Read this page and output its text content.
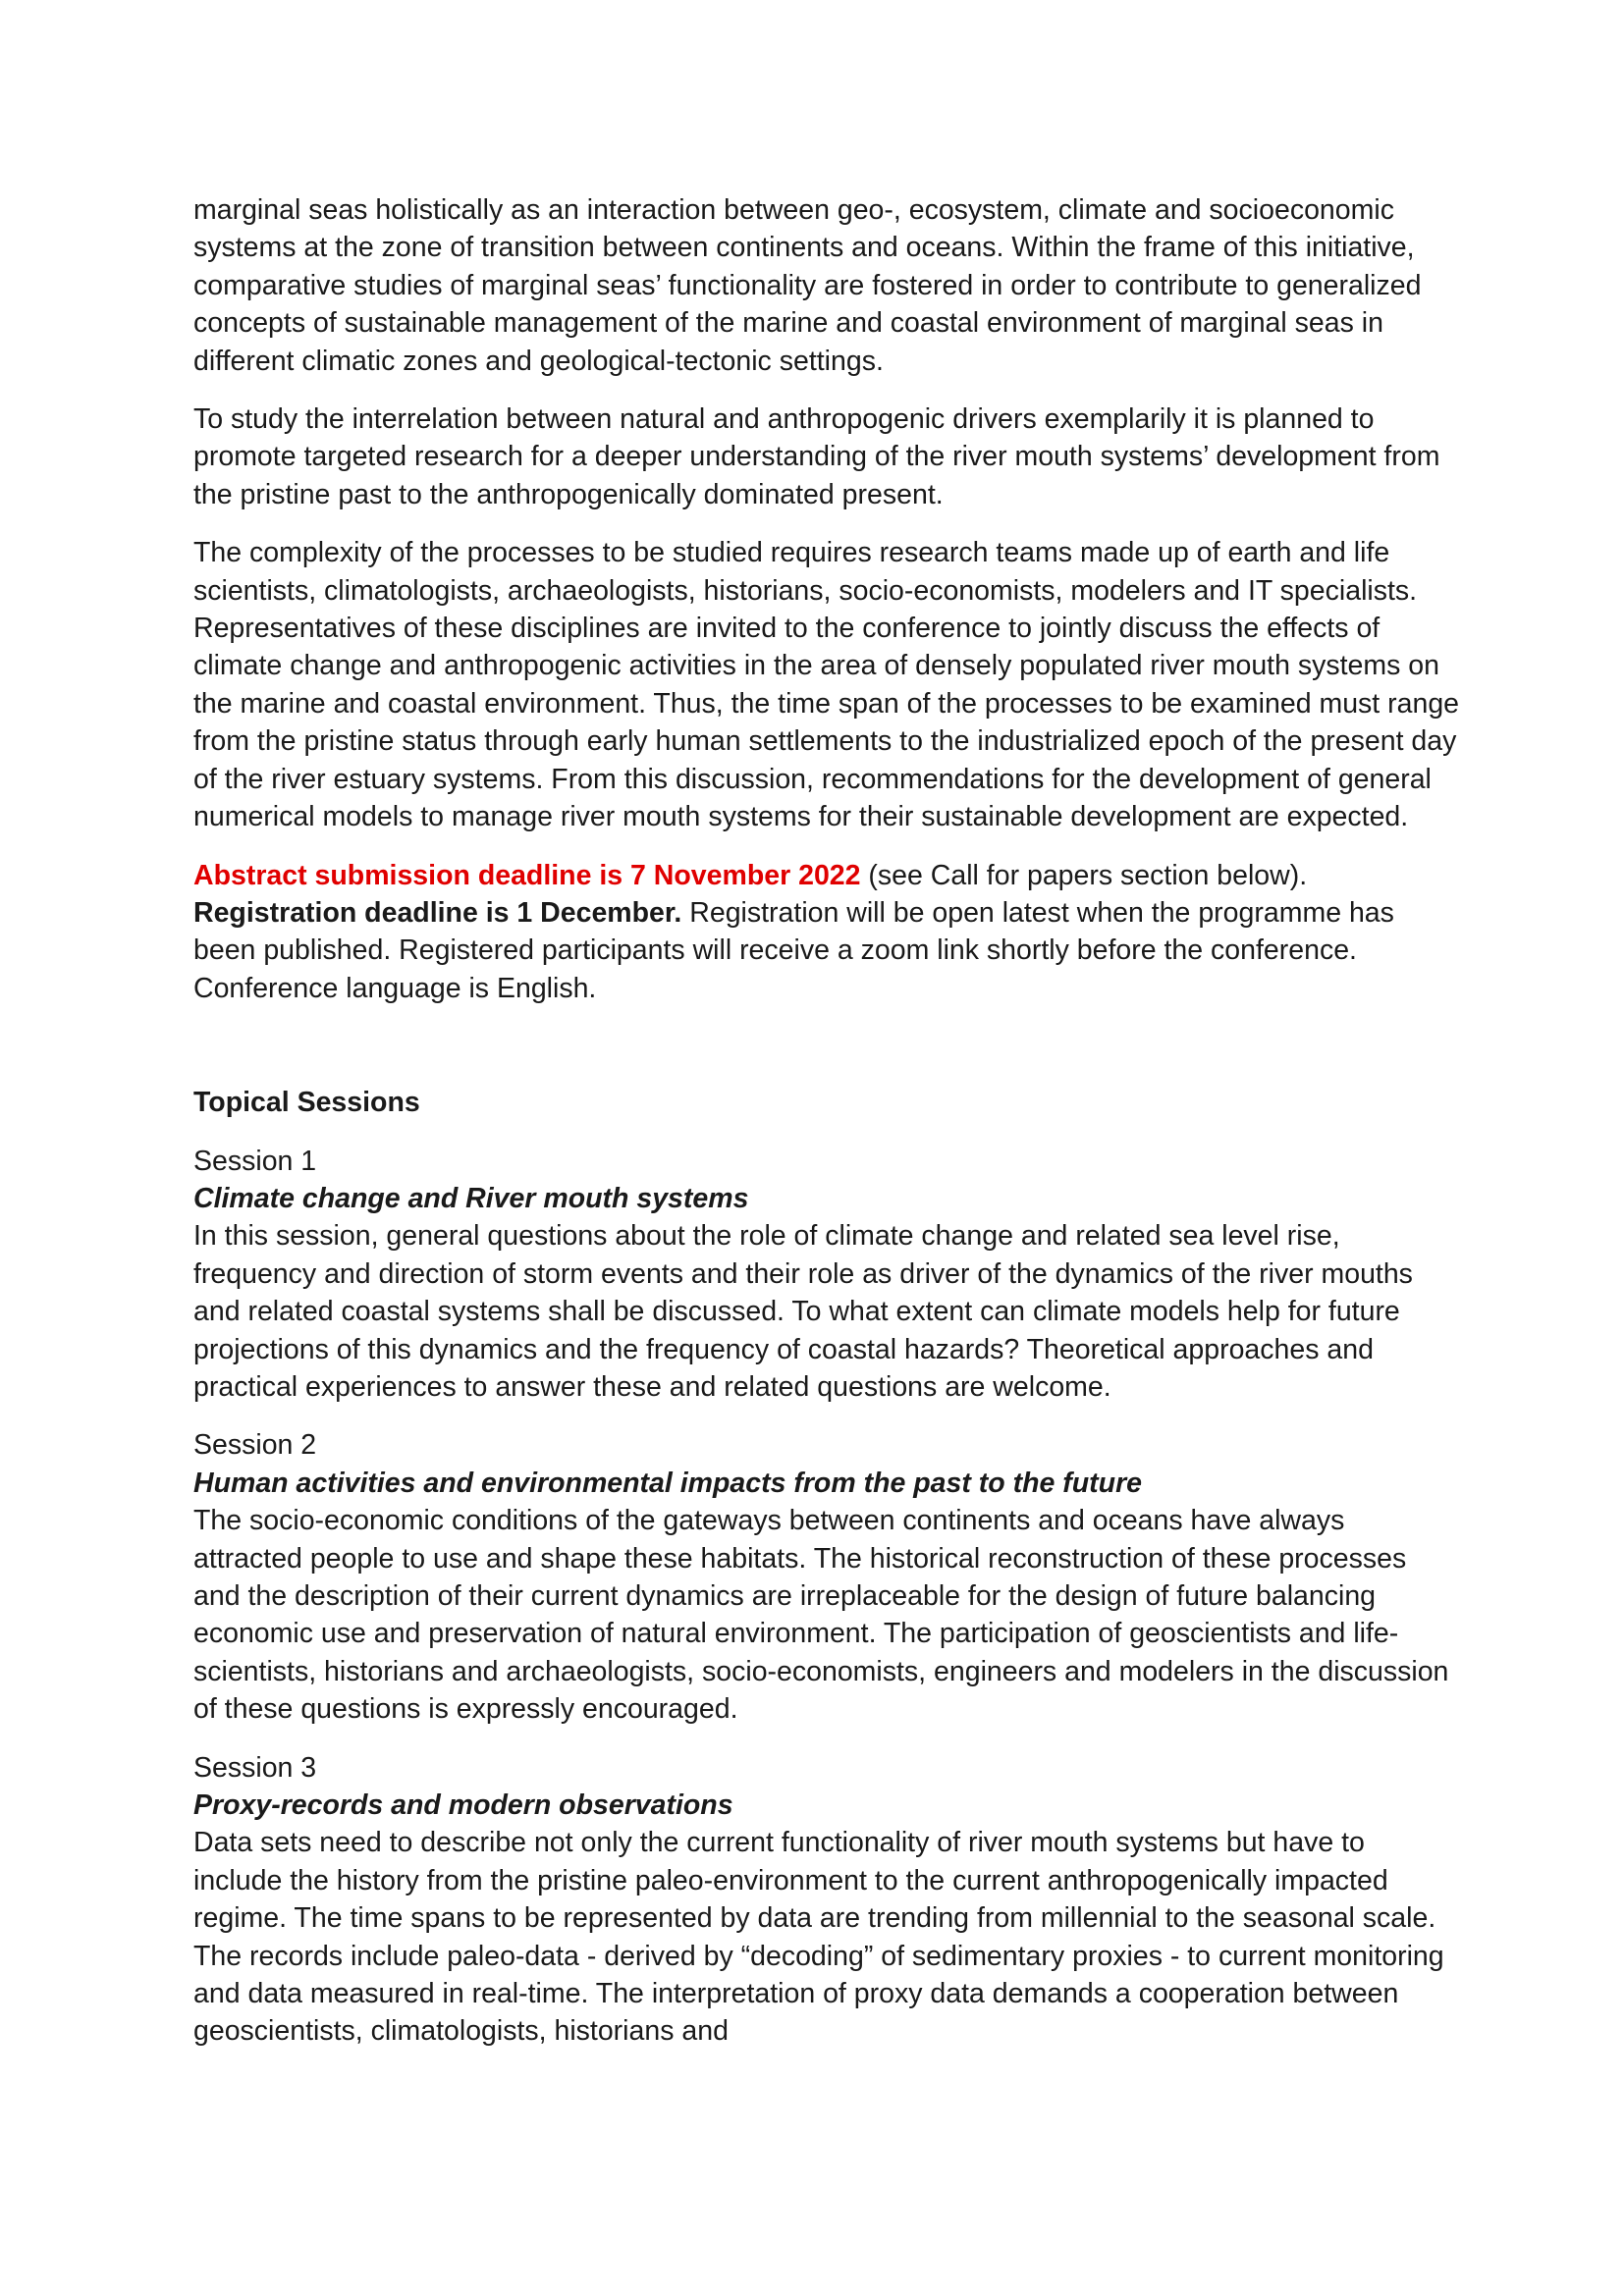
marginal seas holistically as an interaction between geo-, ecosystem, climate and socioeconomic systems at the zone of transition between continents and oceans. Within the frame of this initiative, comparative studies of marginal seas’ functionality are fostered in order to contribute to generalized concepts of sustainable management of the marine and coastal environment of marginal seas in different climatic zones and geological-tectonic settings.

To study the interrelation between natural and anthropogenic drivers exemplarily it is planned to promote targeted research for a deeper understanding of the river mouth systems’ development from the pristine past to the anthropogenically dominated present.

The complexity of the processes to be studied requires research teams made up of earth and life scientists, climatologists, archaeologists, historians, socio-economists, modelers and IT specialists. Representatives of these disciplines are invited to the conference to jointly discuss the effects of climate change and anthropogenic activities in the area of densely populated river mouth systems on the marine and coastal environment. Thus, the time span of the processes to be examined must range from the pristine status through early human settlements to the industrialized epoch of the present day of the river estuary systems. From this discussion, recommendations for the development of general numerical models to manage river mouth systems for their sustainable development are expected.

Abstract submission deadline is 7 November 2022 (see Call for papers section below).
Registration deadline is 1 December. Registration will be open latest when the programme has been published. Registered participants will receive a zoom link shortly before the conference. Conference language is English.

Topical Sessions

Session 1
Climate change and River mouth systems
In this session, general questions about the role of climate change and related sea level rise, frequency and direction of storm events and their role as driver of the dynamics of the river mouths and related coastal systems shall be discussed. To what extent can climate models help for future projections of this dynamics and the frequency of coastal hazards? Theoretical approaches and practical experiences to answer these and related questions are welcome.

Session 2
Human activities and environmental impacts from the past to the future
The socio-economic conditions of the gateways between continents and oceans have always attracted people to use and shape these habitats. The historical reconstruction of these processes and the description of their current dynamics are irreplaceable for the design of future balancing economic use and preservation of natural environment. The participation of geoscientists and life-scientists, historians and archaeologists, socio-economists, engineers and modelers in the discussion of these questions is expressly encouraged.

Session 3
Proxy-records and modern observations
Data sets need to describe not only the current functionality of river mouth systems but have to include the history from the pristine paleo-environment to the current anthropogenically impacted regime. The time spans to be represented by data are trending from millennial to the seasonal scale. The records include paleo-data - derived by “decoding” of sedimentary proxies - to current monitoring and data measured in real-time. The interpretation of proxy data demands a cooperation between geoscientists, climatologists, historians and
